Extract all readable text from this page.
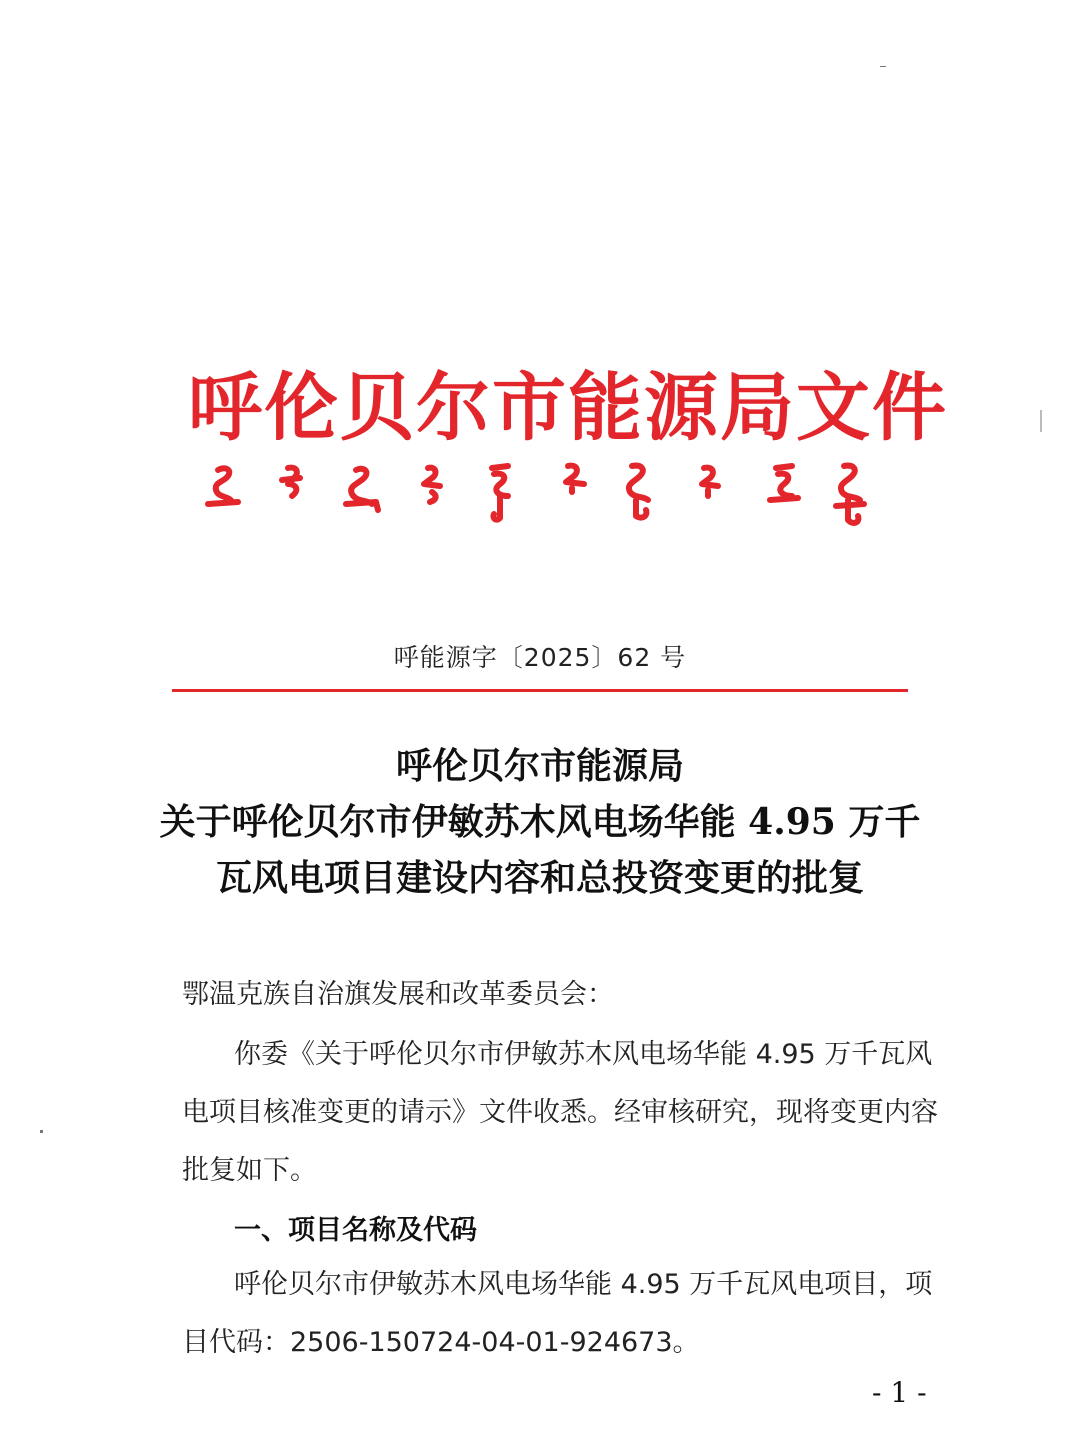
呼伦贝尔市能源局文件
呼能源字〔2025〕62 号
呼伦贝尔市能源局
关于呼伦贝尔市伊敏苏木风电场华能 4.95 万千
瓦风电项目建设内容和总投资变更的批复
鄂温克族自治旗发展和改革委员会：
你委《关于呼伦贝尔市伊敏苏木风电场华能 4.95 万千瓦风
电项目核准变更的请示》文件收悉。经审核研究，现将变更内容
批复如下。
一、项目名称及代码
呼伦贝尔市伊敏苏木风电场华能 4.95 万千瓦风电项目，项
目代码：2506-150724-04-01-924673。
- 1 -
